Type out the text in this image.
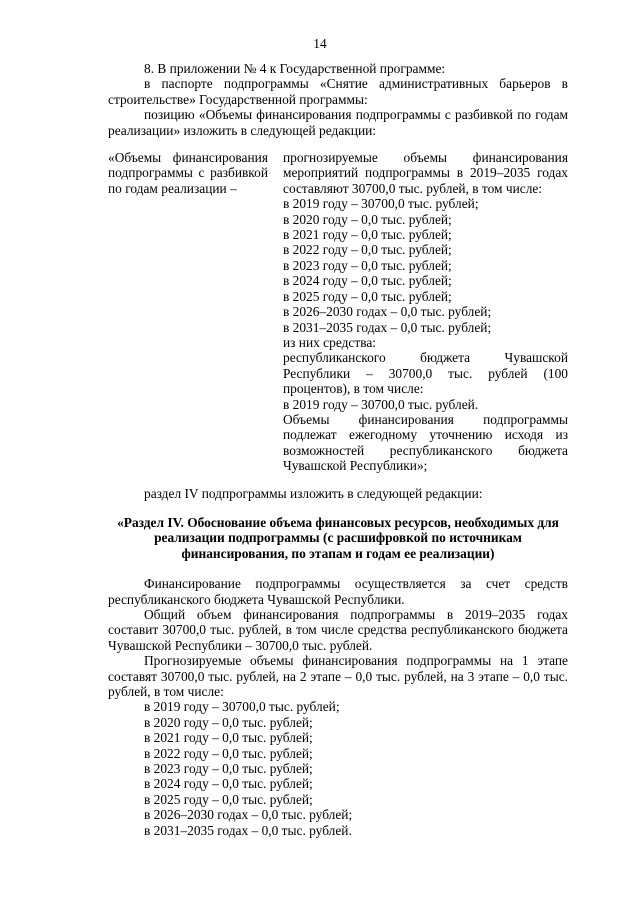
14

8. В приложении № 4 к Государственной программе:

в паспорте подпрограммы «Снятие административных барьеров в строительстве» Государственной программы:

позицию «Объемы финансирования подпрограммы с разбивкой по годам реализации» изложить в следующей редакции:

«Объемы финансирования подпрограммы с разбивкой по годам реализации –

прогнозируемые объемы финансирования мероприятий подпрограммы в 2019–2035 годах составляют 30700,0 тыс. рублей, в том числе:

в 2019 году – 30700,0 тыс. рублей;

в 2020 году – 0,0 тыс. рублей;

в 2021 году – 0,0 тыс. рублей;

в 2022 году – 0,0 тыс. рублей;

в 2023 году – 0,0 тыс. рублей;

в 2024 году – 0,0 тыс. рублей;

в 2025 году – 0,0 тыс. рублей;

в 2026–2030 годах – 0,0 тыс. рублей;

в 2031–2035 годах – 0,0 тыс. рублей;

из них средства:

республиканского бюджета Чувашской Республики – 30700,0 тыс. рублей (100 процентов), в том числе:

в 2019 году – 30700,0 тыс. рублей.

Объемы финансирования подпрограммы подлежат ежегодному уточнению исходя из возможностей республиканского бюджета Чувашской Республики»;

раздел IV подпрограммы изложить в следующей редакции:

«Раздел IV. Обоснование объема финансовых ресурсов, необходимых для реализации подпрограммы (с расшифровкой по источникам финансирования, по этапам и годам ее реализации)

Финансирование подпрограммы осуществляется за счет средств республиканского бюджета Чувашской Республики.

Общий объем финансирования подпрограммы в 2019–2035 годах составит 30700,0 тыс. рублей, в том числе средства республиканского бюджета Чувашской Республики – 30700,0 тыс. рублей.

Прогнозируемые объемы финансирования подпрограммы на 1 этапе составят 30700,0 тыс. рублей, на 2 этапе – 0,0 тыс. рублей, на 3 этапе – 0,0 тыс. рублей, в том числе:

в 2019 году – 30700,0 тыс. рублей;

в 2020 году – 0,0 тыс. рублей;

в 2021 году – 0,0 тыс. рублей;

в 2022 году – 0,0 тыс. рублей;

в 2023 году – 0,0 тыс. рублей;

в 2024 году – 0,0 тыс. рублей;

в 2025 году – 0,0 тыс. рублей;

в 2026–2030 годах – 0,0 тыс. рублей;

в 2031–2035 годах – 0,0 тыс. рублей.
